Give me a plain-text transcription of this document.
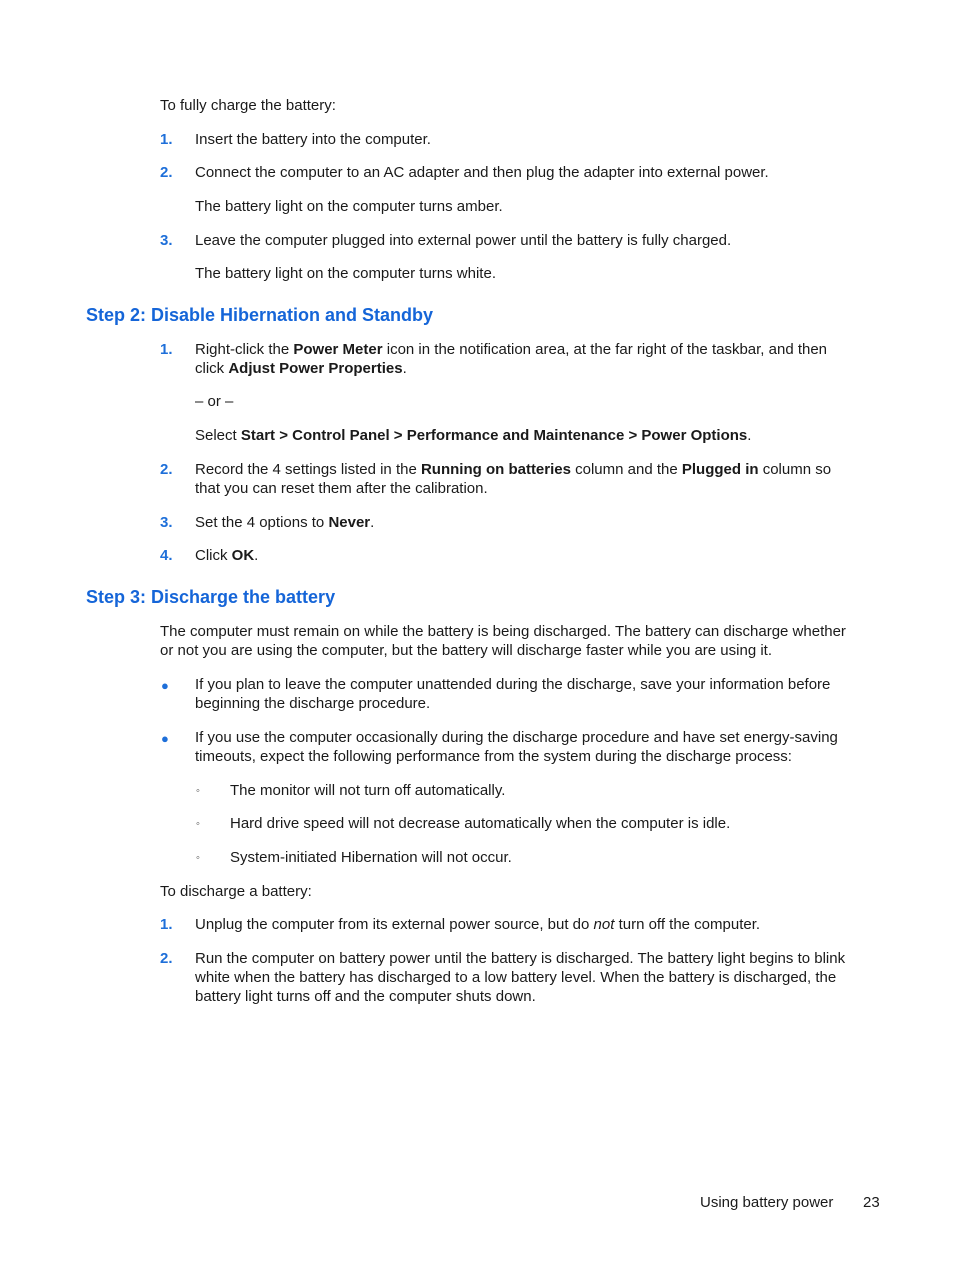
To fully charge the battery:
1. Insert the battery into the computer.
2. Connect the computer to an AC adapter and then plug the adapter into external power.
The battery light on the computer turns amber.
3. Leave the computer plugged into external power until the battery is fully charged.
The battery light on the computer turns white.
Step 2: Disable Hibernation and Standby
1. Right-click the Power Meter icon in the notification area, at the far right of the taskbar, and then
click Adjust Power Properties.
– or –
Select Start > Control Panel > Performance and Maintenance > Power Options.
2. Record the 4 settings listed in the Running on batteries column and the Plugged in column so
that you can reset them after the calibration.
3. Set the 4 options to Never.
4. Click OK.
Step 3: Discharge the battery
The computer must remain on while the battery is being discharged. The battery can discharge whether
or not you are using the computer, but the battery will discharge faster while you are using it.
● If you plan to leave the computer unattended during the discharge, save your information before
beginning the discharge procedure.
● If you use the computer occasionally during the discharge procedure and have set energy-saving
timeouts, expect the following performance from the system during the discharge process:
◦ The monitor will not turn off automatically.
◦ Hard drive speed will not decrease automatically when the computer is idle.
◦ System-initiated Hibernation will not occur.
To discharge a battery:
1. Unplug the computer from its external power source, but do not turn off the computer.
2. Run the computer on battery power until the battery is discharged. The battery light begins to blink
white when the battery has discharged to a low battery level. When the battery is discharged, the
battery light turns off and the computer shuts down.
Using battery power 23
